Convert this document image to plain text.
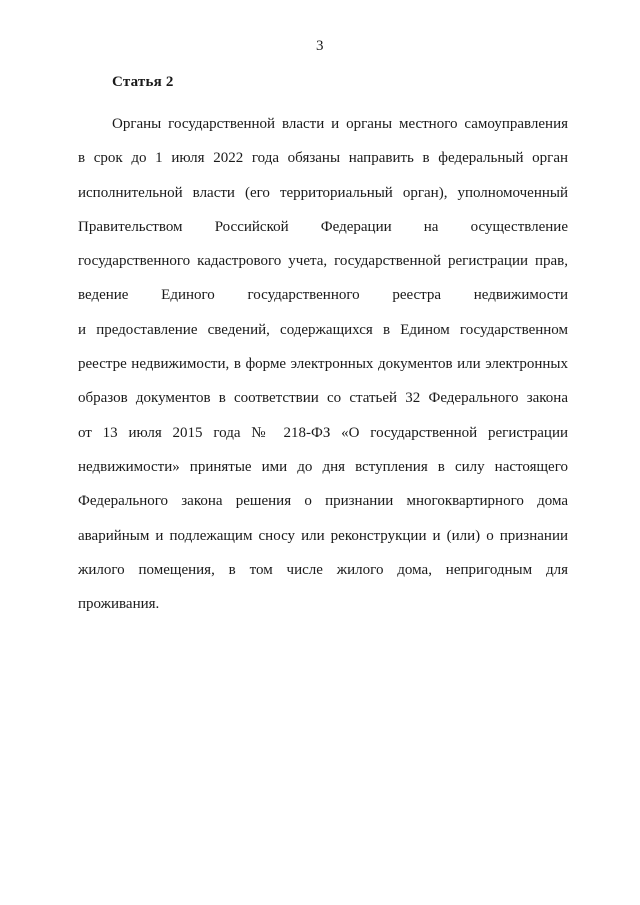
3
Статья 2
Органы государственной власти и органы местного самоуправления
в срок до 1 июля 2022 года обязаны направить в федеральный орган
исполнительной власти (его территориальный орган), уполномоченный
Правительством Российской Федерации на осуществление
государственного кадастрового учета, государственной регистрации прав,
ведение Единого государственного реестра недвижимости
и предоставление сведений, содержащихся в Едином государственном
реестре недвижимости, в форме электронных документов или электронных
образов документов в соответствии со статьей 32 Федерального закона
от 13 июля 2015 года № 218-ФЗ «О государственной регистрации
недвижимости» принятые ими до дня вступления в силу настоящего
Федерального закона решения о признании многоквартирного дома
аварийным и подлежащим сносу или реконструкции и (или) о признании
жилого помещения, в том числе жилого дома, непригодным для
проживания.
